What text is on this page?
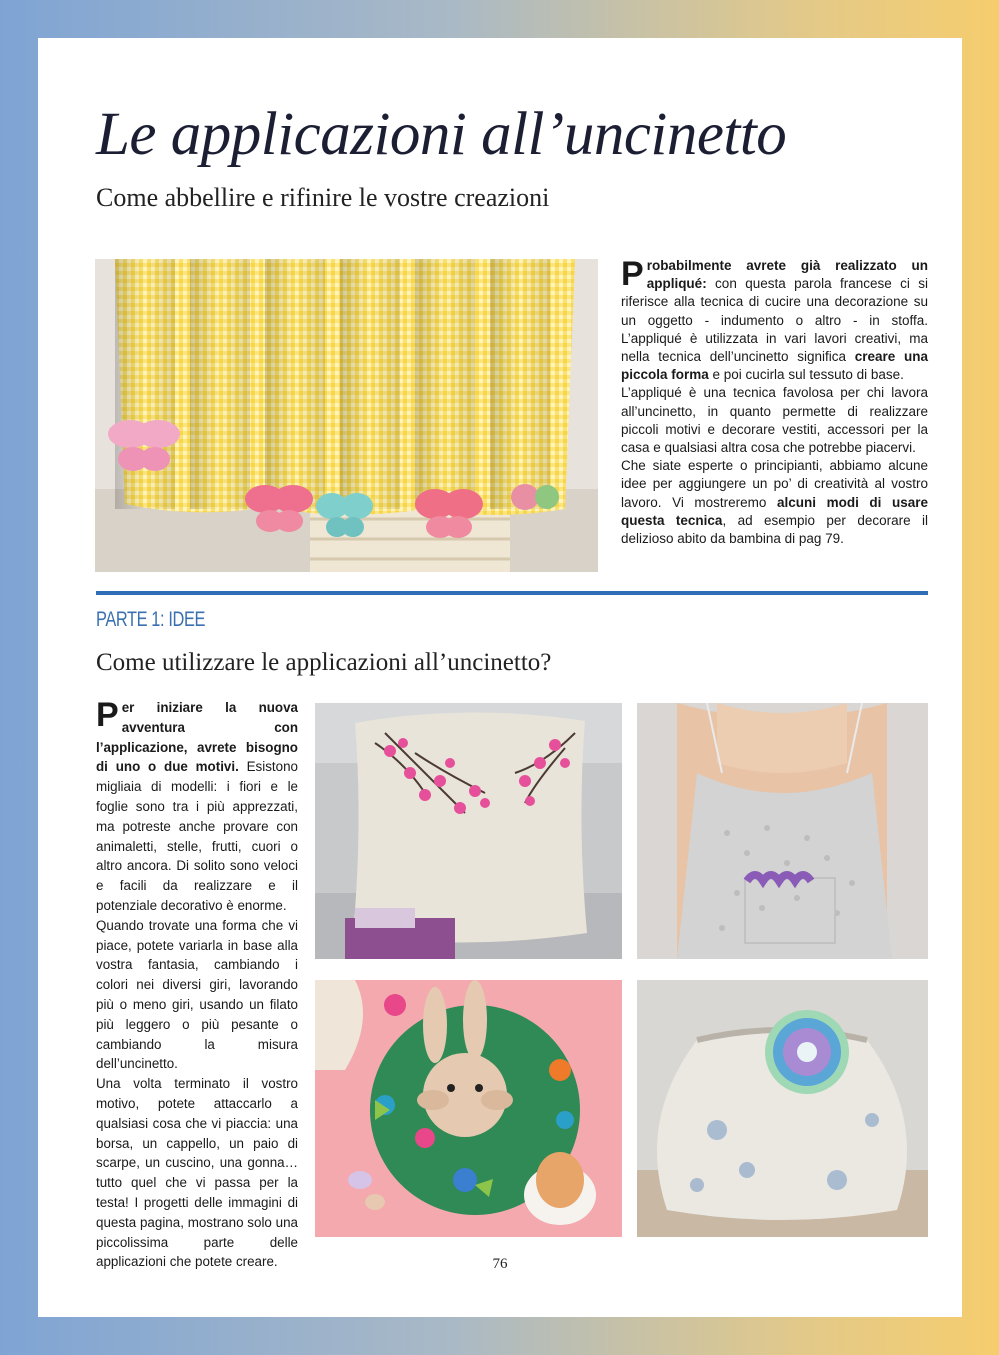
Le applicazioni all’uncinetto
Come abbellire e rifinire le vostre creazioni
Probabilmente avrete già realizzato un appliqué: con questa parola francese ci si riferisce alla tecnica di cucire una decorazione su un oggetto - indumento o altro - in stoffa. L’appliqué è utilizzata in vari lavori creativi, ma nella tecnica dell’uncinetto significa creare una piccola forma e poi cucirla sul tessuto di base.
L’appliqué è una tecnica favolosa per chi lavora all’uncinetto, in quanto permette di realizzare piccoli motivi e decorare vestiti, accessori per la casa e qualsiasi altra cosa che potrebbe piacervi.
Che siate esperte o principianti, abbiamo alcune idee per aggiungere un po’ di creatività al vostro lavoro. Vi mostreremo alcuni modi di usare questa tecnica, ad esempio per decorare il delizioso abito da bambina di pag 79.
PARTE 1: IDEE
Come utilizzare le applicazioni all’uncinetto?
Per iniziare la nuova avventura con l’applicazione, avrete bisogno di uno o due motivi. Esistono migliaia di modelli: i fiori e le foglie sono tra i più apprezzati, ma potreste anche provare con animaletti, stelle, frutti, cuori o altro ancora. Di solito sono veloci e facili da realizzare e il potenziale decorativo è enorme.
Quando trovate una forma che vi piace, potete variarla in base alla vostra fantasia, cambiando i colori nei diversi giri, lavorando più o meno giri, usando un filato più leggero o più pesante o cambiando la misura dell’uncinetto.
Una volta terminato il vostro motivo, potete attaccarlo a qualsiasi cosa che vi piaccia: una borsa, un cappello, un paio di scarpe, un cuscino, una gonna… tutto quel che vi passa per la testa! I progetti delle immagini di questa pagina, mostrano solo una piccolissima parte delle applicazioni che potete creare.	76
